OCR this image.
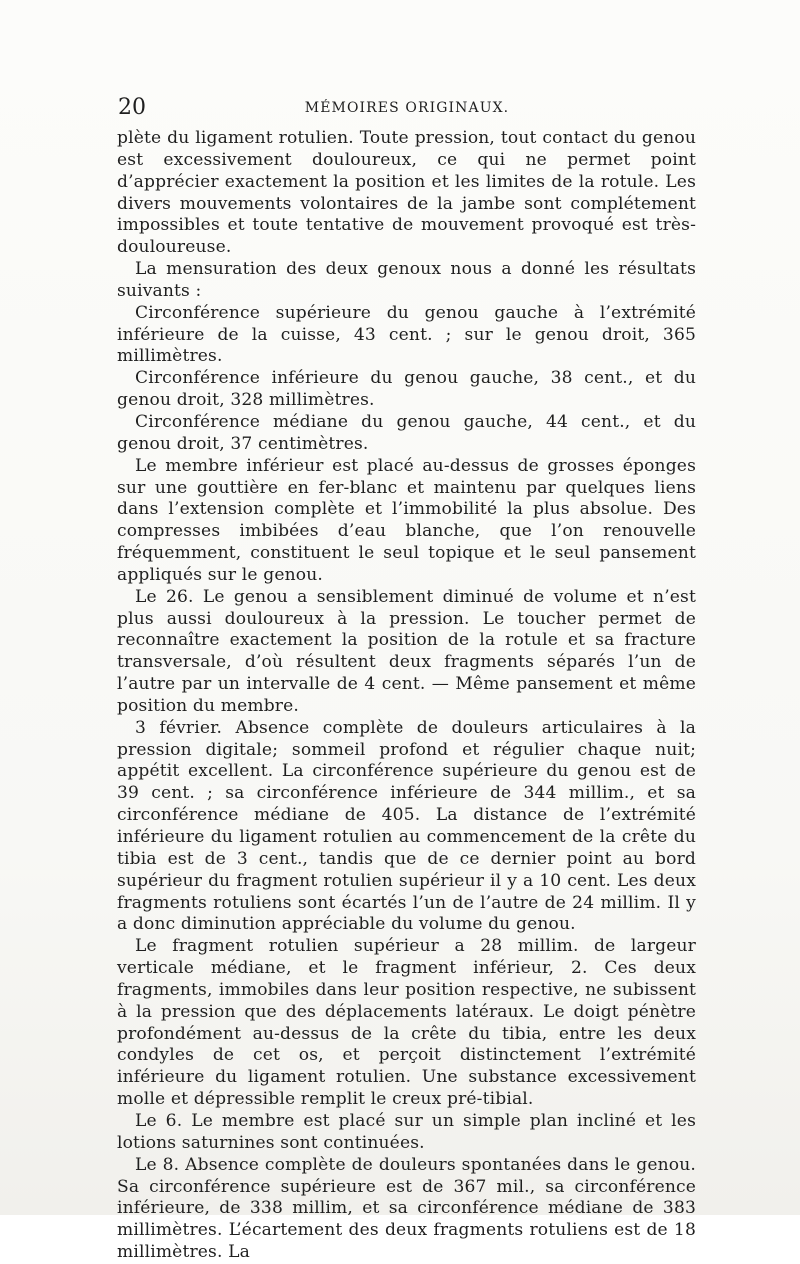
20	MÉMOIRES ORIGINAUX.

plète du ligament rotulien. Toute pression, tout contact du genou est excessivement douloureux, ce qui ne permet point d’apprécier exactement la position et les limites de la rotule. Les divers mouvements volontaires de la jambe sont complétement impossibles et toute tentative de mouvement provoqué est très-douloureuse.

La mensuration des deux genoux nous a donné les résultats suivants :

Circonférence supérieure du genou gauche à l’extrémité inférieure de la cuisse, 43 cent. ; sur le genou droit, 365 millimètres.

Circonférence inférieure du genou gauche, 38 cent., et du genou droit, 328 millimètres.

Circonférence médiane du genou gauche, 44 cent., et du genou droit, 37 centimètres.

Le membre inférieur est placé au-dessus de grosses éponges sur une gouttière en fer-blanc et maintenu par quelques liens dans l’extension complète et l’immobilité la plus absolue. Des compresses imbibées d’eau blanche, que l’on renouvelle fréquemment, constituent le seul topique et le seul pansement appliqués sur le genou.

Le 26. Le genou a sensiblement diminué de volume et n’est plus aussi douloureux à la pression. Le toucher permet de reconnaître exactement la position de la rotule et sa fracture transversale, d’où résultent deux fragments séparés l’un de l’autre par un intervalle de 4 cent. — Même pansement et même position du membre.

3 février. Absence complète de douleurs articulaires à la pression digitale; sommeil profond et régulier chaque nuit; appétit excellent. La circonférence supérieure du genou est de 39 cent. ; sa circonférence inférieure de 344 millim., et sa circonférence médiane de 405. La distance de l’extrémité inférieure du ligament rotulien au commencement de la crête du tibia est de 3 cent., tandis que de ce dernier point au bord supérieur du fragment rotulien supérieur il y a 10 cent. Les deux fragments rotuliens sont écartés l’un de l’autre de 24 millim. Il y a donc diminution appréciable du volume du genou.

Le fragment rotulien supérieur a 28 millim. de largeur verticale médiane, et le fragment inférieur, 2. Ces deux fragments, immobiles dans leur position respective, ne subissent à la pression que des déplacements latéraux. Le doigt pénètre profondément au-dessus de la crête du tibia, entre les deux condyles de cet os, et perçoit distinctement l’extrémité inférieure du ligament rotulien. Une substance excessivement molle et dépressible remplit le creux pré-tibial.

Le 6. Le membre est placé sur un simple plan incliné et les lotions saturnines sont continuées.

Le 8. Absence complète de douleurs spontanées dans le genou. Sa circonférence supérieure est de 367 mil., sa circonférence inférieure, de 338 millim, et sa circonférence médiane de 383 millimètres. L’écartement des deux fragments rotuliens est de 18 millimètres. La
